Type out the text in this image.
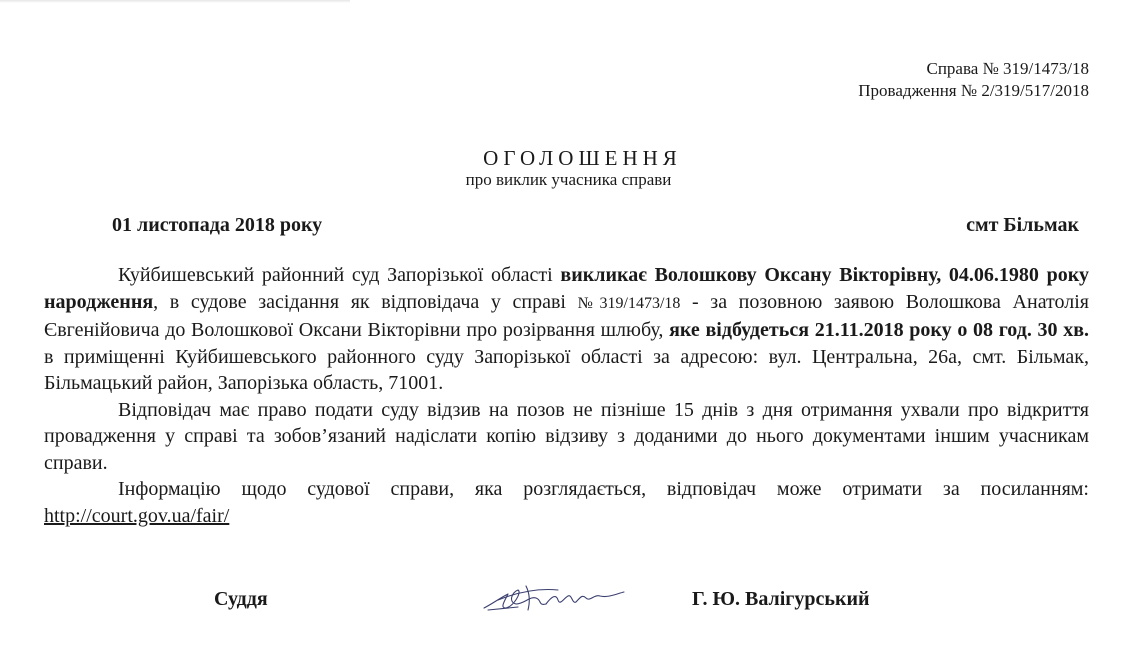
Справа № 319/1473/18
Провадження № 2/319/517/2018
ОГОЛОШЕННЯ
про виклик учасника справи
01 листопада 2018 року	смт Більмак

Куйбишевський районний суд Запорізької області викликає Волошкову Оксану Вікторівну, 04.06.1980 року народження, в судове засідання як відповідача у справі №319/1473/18 - за позовною заявою Волошкова Анатолія Євгенійовича до Волошкової Оксани Вікторівни про розірвання шлюбу, яке відбудеться 21.11.2018 року о 08 год. 30 хв. в приміщенні Куйбишевського районного суду Запорізької області за адресою: вул. Центральна, 26а, смт. Більмак, Більмацький район, Запорізька область, 71001.

Відповідач має право подати суду відзив на позов не пізніше 15 днів з дня отримання ухвали про відкриття провадження у справі та зобов’язаний надіслати копію відзиву з доданими до нього документами іншим учасникам справи.

Інформацію щодо судової справи, яка розглядається, відповідач може отримати за посиланням: http://court.gov.ua/fair/

Суддя	Г. Ю. Валігурський
